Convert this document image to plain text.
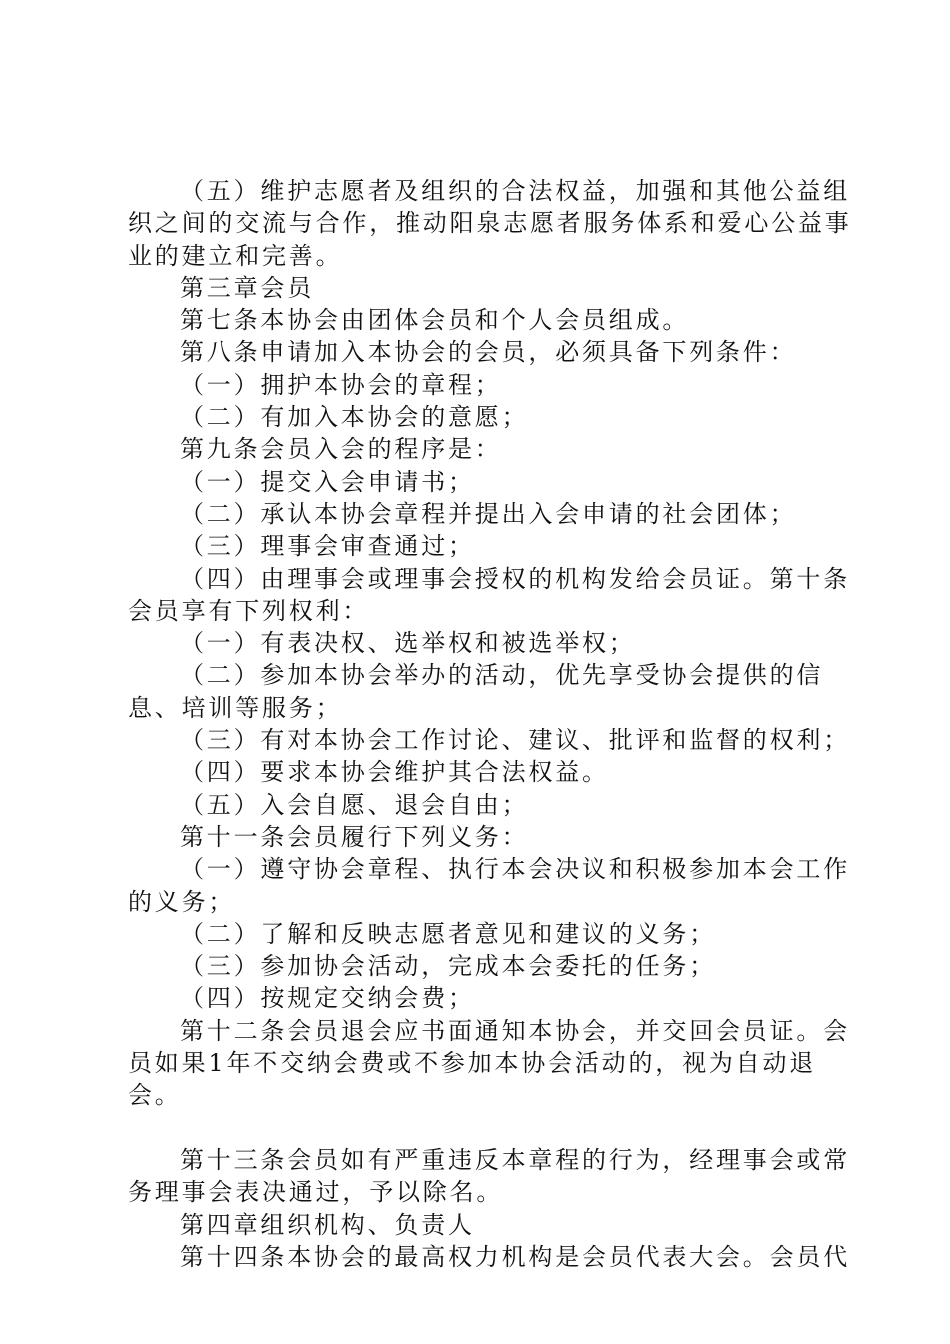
（五）维护志愿者及组织的合法权益，加强和其他公益组织之间的交流与合作，推动阳泉志愿者服务体系和爱心公益事业的建立和完善。

第三章会员

第七条本协会由团体会员和个人会员组成。

第八条申请加入本协会的会员，必须具备下列条件：

（一）拥护本协会的章程；

（二）有加入本协会的意愿；

第九条会员入会的程序是：

（一）提交入会申请书；

（二）承认本协会章程并提出入会申请的社会团体；

（三）理事会审查通过；

（四）由理事会或理事会授权的机构发给会员证。第十条会员享有下列权利：

（一）有表决权、选举权和被选举权；

（二）参加本协会举办的活动，优先享受协会提供的信息、培训等服务；

（三）有对本协会工作讨论、建议、批评和监督的权利；

（四）要求本协会维护其合法权益。

（五）入会自愿、退会自由；

第十一条会员履行下列义务：

（一）遵守协会章程、执行本会决议和积极参加本会工作的义务；

（二）了解和反映志愿者意见和建议的义务；

（三）参加协会活动，完成本会委托的任务；

（四）按规定交纳会费；

第十二条会员退会应书面通知本协会，并交回会员证。会员如果1年不交纳会费或不参加本协会活动的，视为自动退会。

第十三条会员如有严重违反本章程的行为，经理事会或常务理事会表决通过，予以除名。

第四章组织机构、负责人

第十四条本协会的最高权力机构是会员代表大会。会员代
